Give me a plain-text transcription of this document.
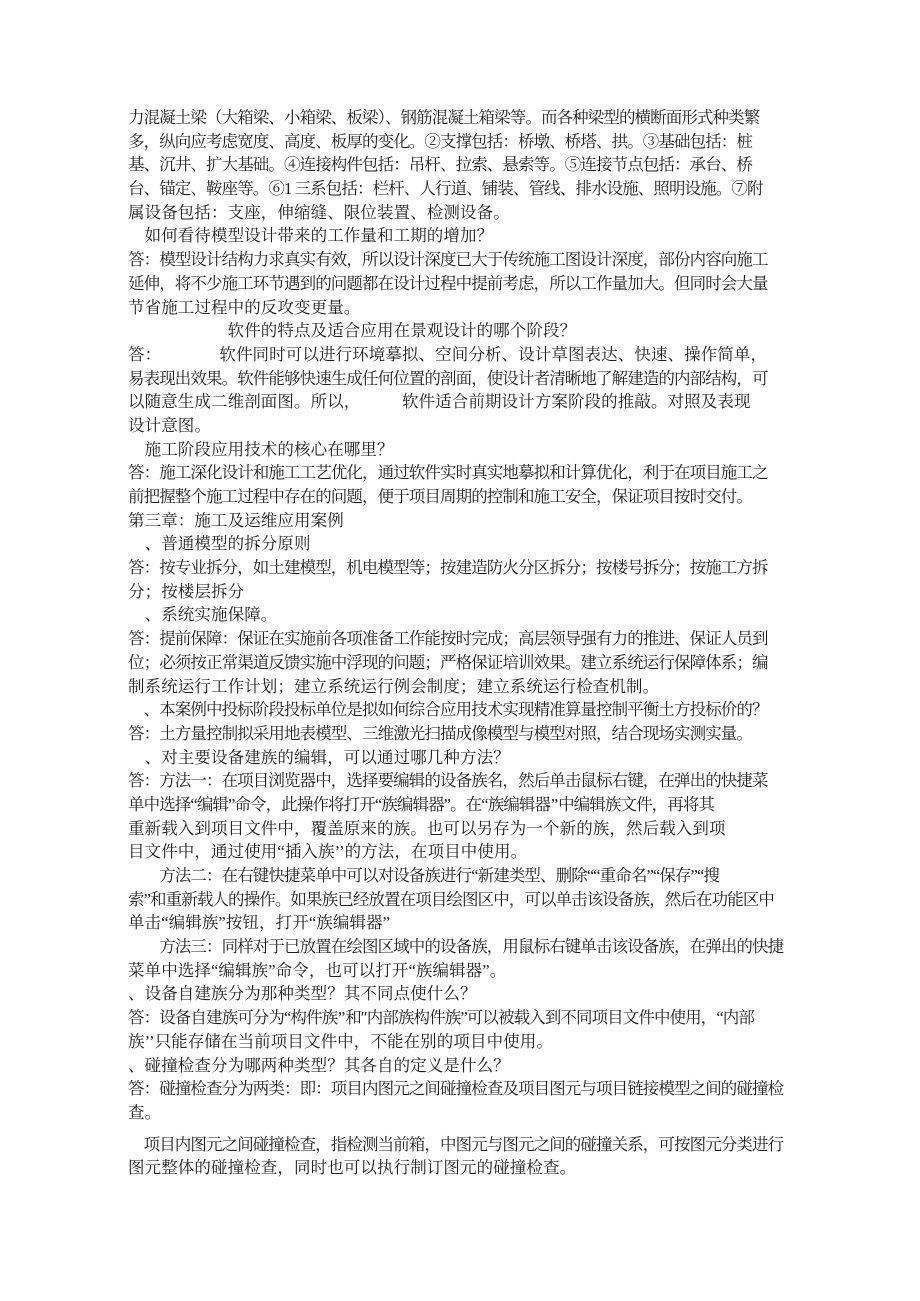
力混凝土梁（大箱梁、小箱梁、板梁）、钢筋混凝土箱梁等。而各种梁型的横断面形式种类繁
多，纵向应考虑宽度、高度、板厚的变化。②支撑包括：桥墩、桥塔、拱。③基础包括：桩
基、沉井、扩大基础。④连接构件包括：吊杆、拉索、悬索等。⑤连接节点包括：承台、桥
台、锚定、鞍座等。⑥1 三系包括：栏杆、人行道、铺装、管线、排水设施、照明设施。⑦附
属设备包括：支座，伸缩缝、限位装置、检测设备。
　如何看待模型设计带来的工作量和工期的增加？
答：模型设计结构力求真实有效，所以设计深度已大于传统施工图设计深度，部份内容向施工
延伸，将不少施工环节遇到的问题都在设计过程中提前考虑，所以工作量加大。但同时会大量
节省施工过程中的反攻变更量。
　　　　　　软件的特点及适合应用在景观设计的哪个阶段？
答：　　　　软件同时可以进行环境摹拟、空间分析、设计草图表达、快速、操作简单，
易表现出效果。软件能够快速生成任何位置的剖面，使设计者清晰地了解建造的内部结构，可
以随意生成二维剖面图。所以，　　　软件适合前期设计方案阶段的推敲。对照及表现
设计意图。
　施工阶段应用技术的核心在哪里？
答：施工深化设计和施工工艺优化，通过软件实时真实地摹拟和计算优化，利于在项目施工之
前把握整个施工过程中存在的问题，便于项目周期的控制和施工安全，保证项目按时交付。
第三章：施工及运维应用案例
　、普通模型的拆分原则
答：按专业拆分，如土建模型，机电模型等；按建造防火分区拆分；按楼号拆分；按施工方拆
分；按楼层拆分
　、系统实施保障。
答：提前保障：保证在实施前各项准备工作能按时完成；高层领导强有力的推进、保证人员到
位；必须按正常渠道反馈实施中浮现的问题；严格保证培训效果。建立系统运行保障体系；编
制系统运行工作计划；建立系统运行例会制度；建立系统运行检查机制。
　、本案例中投标阶段投标单位是拟如何综合应用技术实现精准算量控制平衡土方投标价的？
答：土方量控制拟采用地表模型、三维激光扫描成像模型与模型对照，结合现场实测实量。
　、对主要设备建族的编辑，可以通过哪几种方法？
答：方法一：在项目浏览器中，选择要编辑的设备族名，然后单击鼠标右键，在弹出的快捷菜
单中选择“编辑”命令，此操作将打开“族编辑器”。在“族编辑器’’中编辑族文件，再将其
重新载入到项目文件中，覆盖原来的族。也可以另存为一个新的族，然后载入到项
目文件中，通过使用“插入族’’的方法，在项目中使用。
　　方法二：在右键快捷菜单中可以对设备族进行“新建类型、删除““重命名”“保存”“搜
索”和重新载人的操作。如果族已经放置在项目绘图区中，可以单击该设备族，然后在功能区中
单击“编辑族”按钮，打开“族编辑器”
　　方法三：同样对于已放置在绘图区域中的设备族，用鼠标右键单击该设备族，在弹出的快捷
菜单中选择“编辑族”命令，也可以打开“族编辑器”。
、设备自建族分为那种类型？其不同点使什么？
答：设备自建族可分为“构件族’’和″内部族构件族”可以被载入到不同项目文件中使用，“内部
族’’只能存储在当前项目文件中，不能在别的项目中使用。
、碰撞检查分为哪两种类型？其各自的定义是什么？
答：碰撞检查分为两类：即：项目内图元之间碰撞检查及项目图元与项目链接模型之间的碰撞检
查。
　项目内图元之间碰撞检查，指检测当前箱，中图元与图元之间的碰撞关系，可按图元分类进行
图元整体的碰撞检查，同时也可以执行制订图元的碰撞检查。
